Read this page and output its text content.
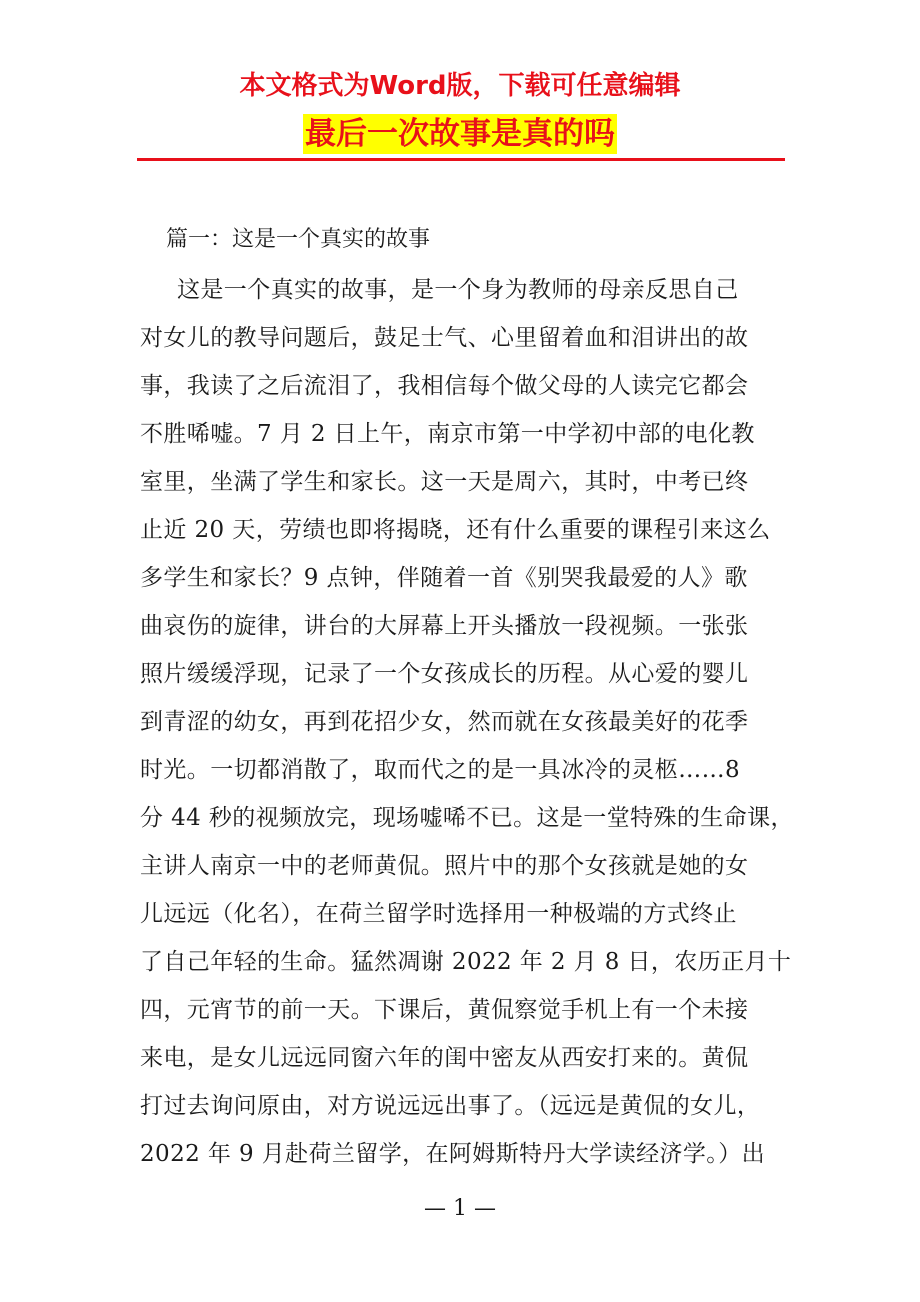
本文格式为Word版，下载可任意编辑

最后一次故事是真的吗

篇一：这是一个真实的故事

这是一个真实的故事，是一个身为教师的母亲反思自己
对女儿的教导问题后，鼓足士气、心里留着血和泪讲出的故
事，我读了之后流泪了，我相信每个做父母的人读完它都会
不胜唏嘘。7 月 2 日上午，南京市第一中学初中部的电化教
室里，坐满了学生和家长。这一天是周六，其时，中考已终
止近 20 天，劳绩也即将揭晓，还有什么重要的课程引来这么
多学生和家长？9 点钟，伴随着一首《别哭我最爱的人》歌
曲哀伤的旋律，讲台的大屏幕上开头播放一段视频。一张张
照片缓缓浮现，记录了一个女孩成长的历程。从心爱的婴儿
到青涩的幼女，再到花招少女，然而就在女孩最美好的花季
时光。一切都消散了，取而代之的是一具冰冷的灵柩……8
分 44 秒的视频放完，现场嘘唏不已。这是一堂特殊的生命课，
主讲人南京一中的老师黄侃。照片中的那个女孩就是她的女
儿远远（化名），在荷兰留学时选择用一种极端的方式终止
了自己年轻的生命。猛然凋谢 2022 年 2 月 8 日，农历正月十
四，元宵节的前一天。下课后，黄侃察觉手机上有一个未接
来电，是女儿远远同窗六年的闺中密友从西安打来的。黄侃
打过去询问原由，对方说远远出事了。（远远是黄侃的女儿，
2022 年 9 月赴荷兰留学，在阿姆斯特丹大学读经济学。）出

— 1 —
